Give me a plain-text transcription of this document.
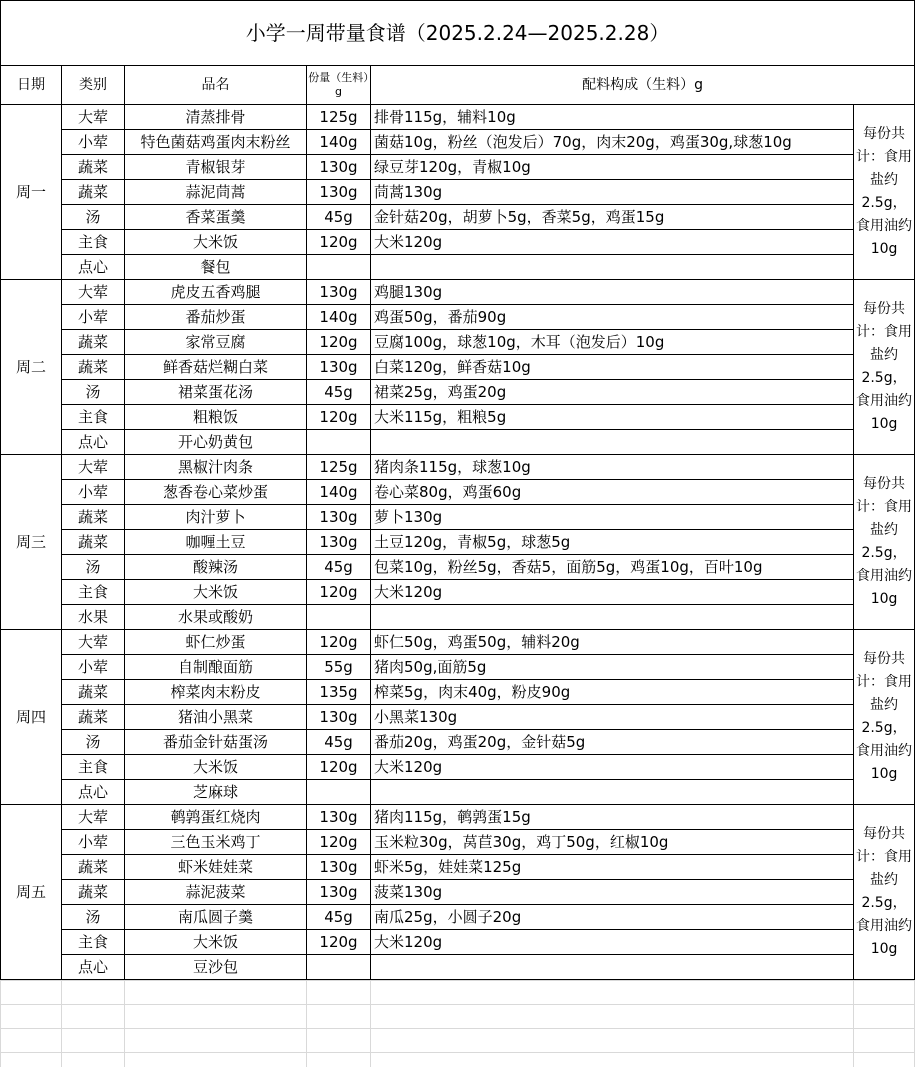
小学一周带量食谱（2025.2.24—2025.2.28）					
日期	类别	品名	份量（生料）g	配料构成（生料）g	
周一	大荤	清蒸排骨	125g	排骨115g，辅料10g	每份共计：食用盐约2.5g，食用油约10g
	小荤	特色菌菇鸡蛋肉末粉丝	140g	菌菇10g，粉丝（泡发后）70g，肉末20g，鸡蛋30g,球葱10g	
	蔬菜	青椒银芽	130g	绿豆芽120g，青椒10g	
	蔬菜	蒜泥茼蒿	130g	茼蒿130g	
	汤	香菜蛋羹	45g	金针菇20g，胡萝卜5g，香菜5g，鸡蛋15g	
	主食	大米饭	120g	大米120g	
	点心	餐包			
周二	大荤	虎皮五香鸡腿	130g	鸡腿130g	每份共计：食用盐约2.5g，食用油约10g
	小荤	番茄炒蛋	140g	鸡蛋50g，番茄90g	
	蔬菜	家常豆腐	120g	豆腐100g，球葱10g，木耳（泡发后）10g	
	蔬菜	鲜香菇烂糊白菜	130g	白菜120g，鲜香菇10g	
	汤	裙菜蛋花汤	45g	裙菜25g，鸡蛋20g	
	主食	粗粮饭	120g	大米115g，粗粮5g	
	点心	开心奶黄包			
周三	大荤	黑椒汁肉条	125g	猪肉条115g，球葱10g	每份共计：食用盐约2.5g，食用油约10g
	小荤	葱香卷心菜炒蛋	140g	卷心菜80g，鸡蛋60g	
	蔬菜	肉汁萝卜	130g	萝卜130g	
	蔬菜	咖喱土豆	130g	土豆120g，青椒5g，球葱5g	
	汤	酸辣汤	45g	包菜10g，粉丝5g，香菇5，面筋5g，鸡蛋10g，百叶10g	
	主食	大米饭	120g	大米120g	
	水果	水果或酸奶			
周四	大荤	虾仁炒蛋	120g	虾仁50g，鸡蛋50g，辅料20g	每份共计：食用盐约2.5g，食用油约10g
	小荤	自制酿面筋	55g	猪肉50g,面筋5g	
	蔬菜	榨菜肉末粉皮	135g	榨菜5g，肉末40g，粉皮90g	
	蔬菜	猪油小黑菜	130g	小黑菜130g	
	汤	番茄金针菇蛋汤	45g	番茄20g，鸡蛋20g，金针菇5g	
	主食	大米饭	120g	大米120g	
	点心	芝麻球			
周五	大荤	鹌鹑蛋红烧肉	130g	猪肉115g，鹌鹑蛋15g	每份共计：食用盐约2.5g，食用油约10g
	小荤	三色玉米鸡丁	120g	玉米粒30g，莴苣30g，鸡丁50g，红椒10g	
	蔬菜	虾米娃娃菜	130g	虾米5g，娃娃菜125g	
	蔬菜	蒜泥菠菜	130g	菠菜130g	
	汤	南瓜圆子羹	45g	南瓜25g，小圆子20g	
	主食	大米饭	120g	大米120g	
	点心	豆沙包			
